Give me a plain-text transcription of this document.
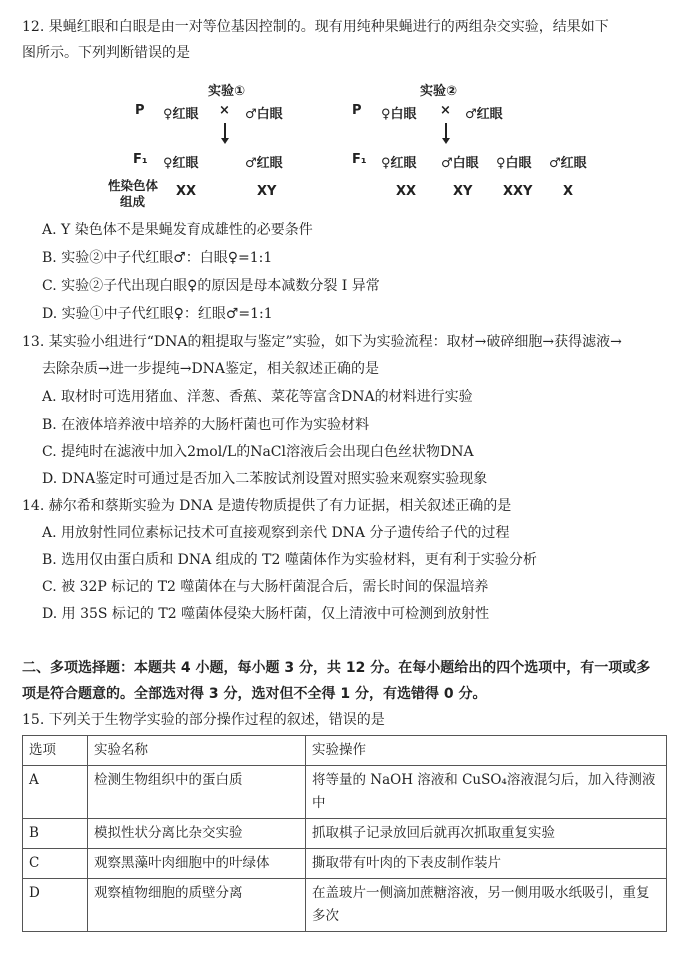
12. 果蝇红眼和白眼是由一对等位基因控制的。现有用纯种果蝇进行的两组杂交实验，结果如下
图所示。下列判断错误的是
实验①
P ♀红眼 × ♂白眼
F₁ ♀红眼	♂红眼
性染色体
组成
XX	XY
实验②
P ♀白眼 × ♂红眼
F₁ ♀红眼 ♂白眼 ♀白眼 ♂红眼
XX	XY XXY X
A. Y 染色体不是果蝇发育成雄性的必要条件
B. 实验②中子代红眼♂：白眼♀=1:1
C. 实验②子代出现白眼♀的原因是母本减数分裂 I 异常
D. 实验①中子代红眼♀：红眼♂=1:1
13. 某实验小组进行“DNA的粗提取与鉴定”实验，如下为实验流程：取材→破碎细胞→获得滤液→
去除杂质→进一步提纯→DNA鉴定，相关叙述正确的是
A. 取材时可选用猪血、洋葱、香蕉、菜花等富含DNA的材料进行实验
B. 在液体培养液中培养的大肠杆菌也可作为实验材料
C. 提纯时在滤液中加入2mol/L的NaCl溶液后会出现白色丝状物DNA
D. DNA鉴定时可通过是否加入二苯胺试剂设置对照实验来观察实验现象
14. 赫尔希和蔡斯实验为 DNA 是遗传物质提供了有力证据，相关叙述正确的是
A. 用放射性同位素标记技术可直接观察到亲代 DNA 分子遗传给子代的过程
B. 选用仅由蛋白质和 DNA 组成的 T2 噬菌体作为实验材料，更有利于实验分析
C. 被 32P 标记的 T2 噬菌体在与大肠杆菌混合后，需长时间的保温培养
D. 用 35S 标记的 T2 噬菌体侵染大肠杆菌，仅上清液中可检测到放射性
二、多项选择题：本题共 4 小题，每小题 3 分，共 12 分。在每小题给出的四个选项中，有一项或多
项是符合题意的。全部选对得 3 分，选对但不全得 1 分，有选错得 0 分。
15. 下列关于生物学实验的部分操作过程的叙述，错误的是
选项	实验名称	实验操作
A	检测生物组织中的蛋白质	将等量的 NaOH 溶液和 CuSO₄溶液混匀后，加入待测液中
B	模拟性状分离比杂交实验	抓取棋子记录放回后就再次抓取重复实验
C	观察黑藻叶肉细胞中的叶绿体	撕取带有叶肉的下表皮制作装片
D	观察植物细胞的质壁分离	在盖玻片一侧滴加蔗糖溶液，另一侧用吸水纸吸引，重复多次
